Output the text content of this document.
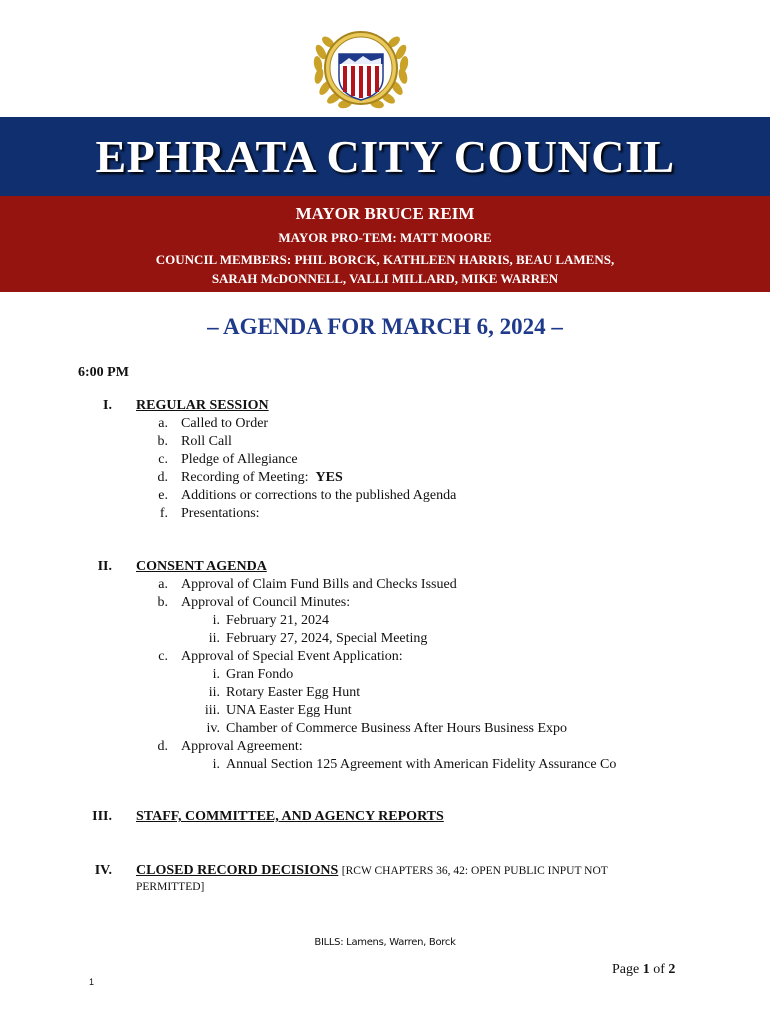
EPHRATA CITY COUNCIL
MAYOR BRUCE REIM
MAYOR PRO-TEM: MATT MOORE
COUNCIL MEMBERS: PHIL BORCK, KATHLEEN HARRIS, BEAU LAMENS,
SARAH McDONNELL, VALLI MILLARD, MIKE WARREN
– AGENDA FOR MARCH 6, 2024 –
6:00 PM
I. REGULAR SESSION
a. Called to Order
b. Roll Call
c. Pledge of Allegiance
d. Recording of Meeting: YES
e. Additions or corrections to the published Agenda
f. Presentations:
II. CONSENT AGENDA
a. Approval of Claim Fund Bills and Checks Issued
b. Approval of Council Minutes:
i. February 21, 2024
ii. February 27, 2024, Special Meeting
c. Approval of Special Event Application:
i. Gran Fondo
ii. Rotary Easter Egg Hunt
iii. UNA Easter Egg Hunt
iv. Chamber of Commerce Business After Hours Business Expo
d. Approval Agreement:
i. Annual Section 125 Agreement with American Fidelity Assurance Co
III. STAFF, COMMITTEE, AND AGENCY REPORTS
IV. CLOSED RECORD DECISIONS [RCW CHAPTERS 36, 42: OPEN PUBLIC INPUT NOT
PERMITTED]
BILLS: Lamens, Warren, Borck
Page 1 of 2
1
